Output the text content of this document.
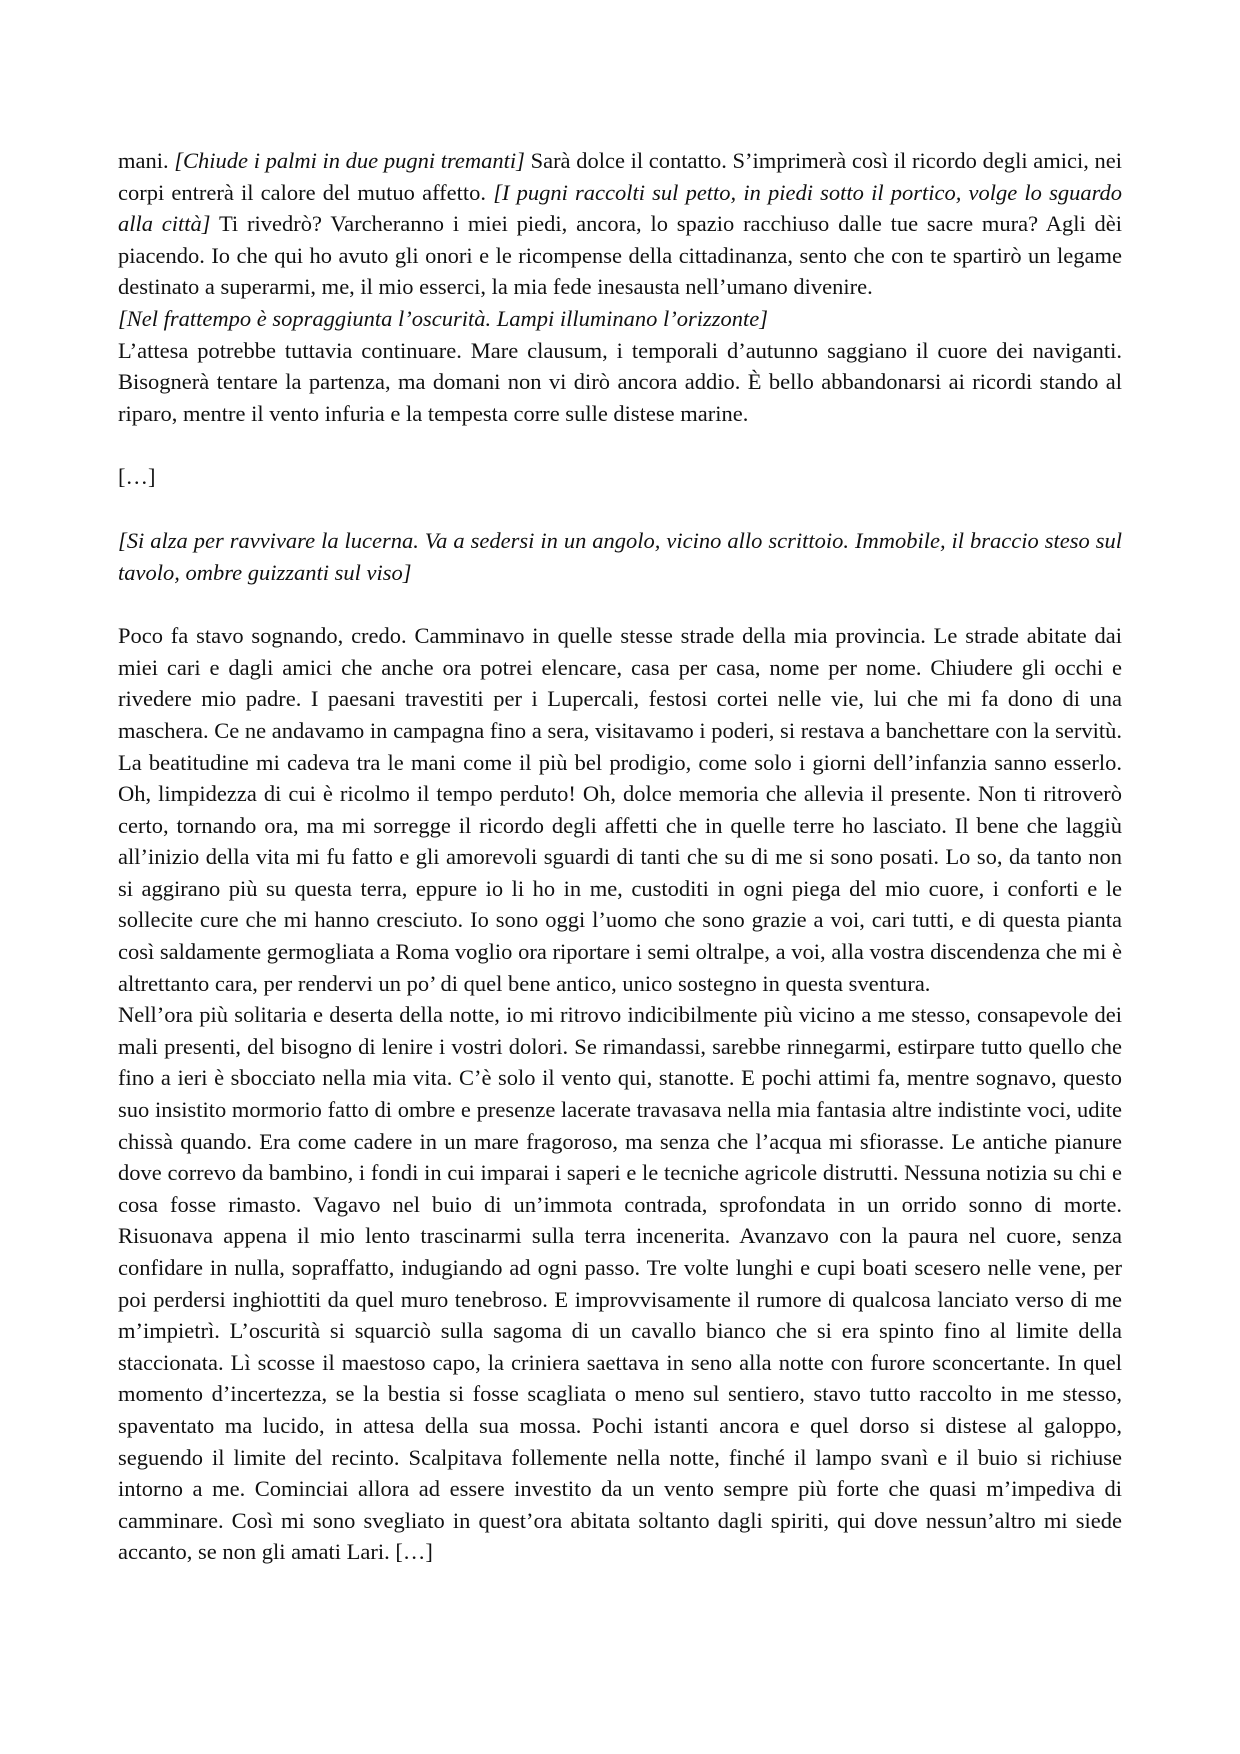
mani. [Chiude i palmi in due pugni tremanti] Sarà dolce il contatto. S’imprimerà così il ricordo degli amici, nei corpi entrerà il calore del mutuo affetto. [I pugni raccolti sul petto, in piedi sotto il portico, volge lo sguardo alla città] Ti rivedrò? Varcheranno i miei piedi, ancora, lo spazio racchiuso dalle tue sacre mura? Agli dèi piacendo. Io che qui ho avuto gli onori e le ricompense della cittadinanza, sento che con te spartirò un legame destinato a superarmi, me, il mio esserci, la mia fede inesausta nell’umano divenire.

[Nel frattempo è sopraggiunta l’oscurità. Lampi illuminano l’orizzonte]

L’attesa potrebbe tuttavia continuare. Mare clausum, i temporali d’autunno saggiano il cuore dei naviganti. Bisognerà tentare la partenza, ma domani non vi dirò ancora addio. È bello abbandonarsi ai ricordi stando al riparo, mentre il vento infuria e la tempesta corre sulle distese marine.

[…]

[Si alza per ravvivare la lucerna. Va a sedersi in un angolo, vicino allo scrittoio. Immobile, il braccio steso sul tavolo, ombre guizzanti sul viso]

Poco fa stavo sognando, credo. Camminavo in quelle stesse strade della mia provincia. Le strade abitate dai miei cari e dagli amici che anche ora potrei elencare, casa per casa, nome per nome. Chiudere gli occhi e rivedere mio padre. I paesani travestiti per i Lupercali, festosi cortei nelle vie, lui che mi fa dono di una maschera. Ce ne andavamo in campagna fino a sera, visitavamo i poderi, si restava a banchettare con la servitù. La beatitudine mi cadeva tra le mani come il più bel prodigio, come solo i giorni dell’infanzia sanno esserlo. Oh, limpidezza di cui è ricolmo il tempo perduto! Oh, dolce memoria che allevia il presente. Non ti ritroverò certo, tornando ora, ma mi sorregge il ricordo degli affetti che in quelle terre ho lasciato. Il bene che laggiù all’inizio della vita mi fu fatto e gli amorevoli sguardi di tanti che su di me si sono posati. Lo so, da tanto non si aggirano più su questa terra, eppure io li ho in me, custoditi in ogni piega del mio cuore, i conforti e le sollecite cure che mi hanno cresciuto. Io sono oggi l’uomo che sono grazie a voi, cari tutti, e di questa pianta così saldamente germogliata a Roma voglio ora riportare i semi oltralpe, a voi, alla vostra discendenza che mi è altrettanto cara, per rendervi un po’ di quel bene antico, unico sostegno in questa sventura.

Nell’ora più solitaria e deserta della notte, io mi ritrovo indicibilmente più vicino a me stesso, consapevole dei mali presenti, del bisogno di lenire i vostri dolori. Se rimandassi, sarebbe rinnegarmi, estirpare tutto quello che fino a ieri è sbocciato nella mia vita. C’è solo il vento qui, stanotte. E pochi attimi fa, mentre sognavo, questo suo insistito mormorio fatto di ombre e presenze lacerate travasava nella mia fantasia altre indistinte voci, udite chissà quando. Era come cadere in un mare fragoroso, ma senza che l’acqua mi sfiorasse. Le antiche pianure dove correvo da bambino, i fondi in cui imparai i saperi e le tecniche agricole distrutti. Nessuna notizia su chi e cosa fosse rimasto. Vagavo nel buio di un’immota contrada, sprofondata in un orrido sonno di morte. Risuonava appena il mio lento trascinarmi sulla terra incenerita. Avanzavo con la paura nel cuore, senza confidare in nulla, sopraffatto, indugiando ad ogni passo. Tre volte lunghi e cupi boati scesero nelle vene, per poi perdersi inghiottiti da quel muro tenebroso. E improvvisamente il rumore di qualcosa lanciato verso di me m’impietrì. L’oscurità si squarciò sulla sagoma di un cavallo bianco che si era spinto fino al limite della staccionata. Lì scosse il maestoso capo, la criniera saettava in seno alla notte con furore sconcertante. In quel momento d’incertezza, se la bestia si fosse scagliata o meno sul sentiero, stavo tutto raccolto in me stesso, spaventato ma lucido, in attesa della sua mossa. Pochi istanti ancora e quel dorso si distese al galoppo, seguendo il limite del recinto. Scalpitava follemente nella notte, finché il lampo svanì e il buio si richiuse intorno a me. Cominciai allora ad essere investito da un vento sempre più forte che quasi m’impediva di camminare. Così mi sono svegliato in quest’ora abitata soltanto dagli spiriti, qui dove nessun’altro mi siede accanto, se non gli amati Lari. […]
